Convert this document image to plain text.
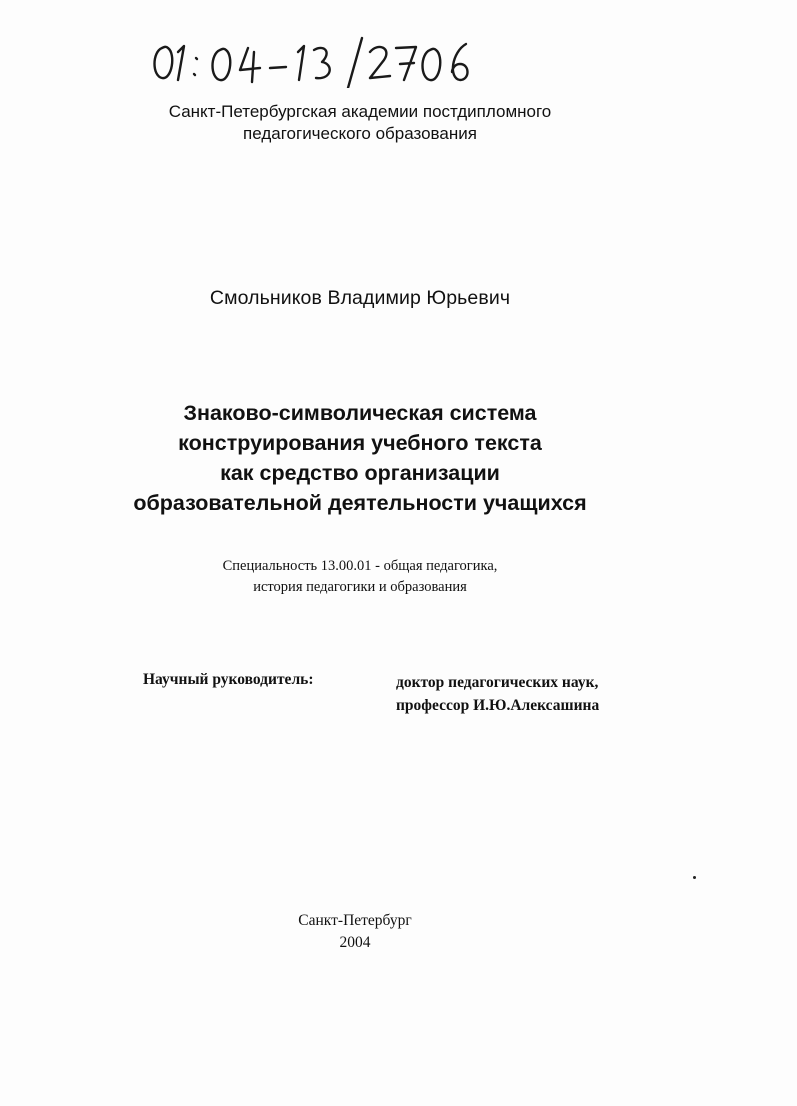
Санкт-Петербургская академии постдипломного
педагогического образования
Смольников Владимир Юрьевич
Знаково-символическая система
конструирования учебного текста
как средство организации
образовательной деятельности учащихся
Специальность 13.00.01 - общая педагогика,
история педагогики и образования
Научный руководитель:	доктор педагогических наук,
профессор И.Ю.Алексашина
Санкт-Петербург
2004
